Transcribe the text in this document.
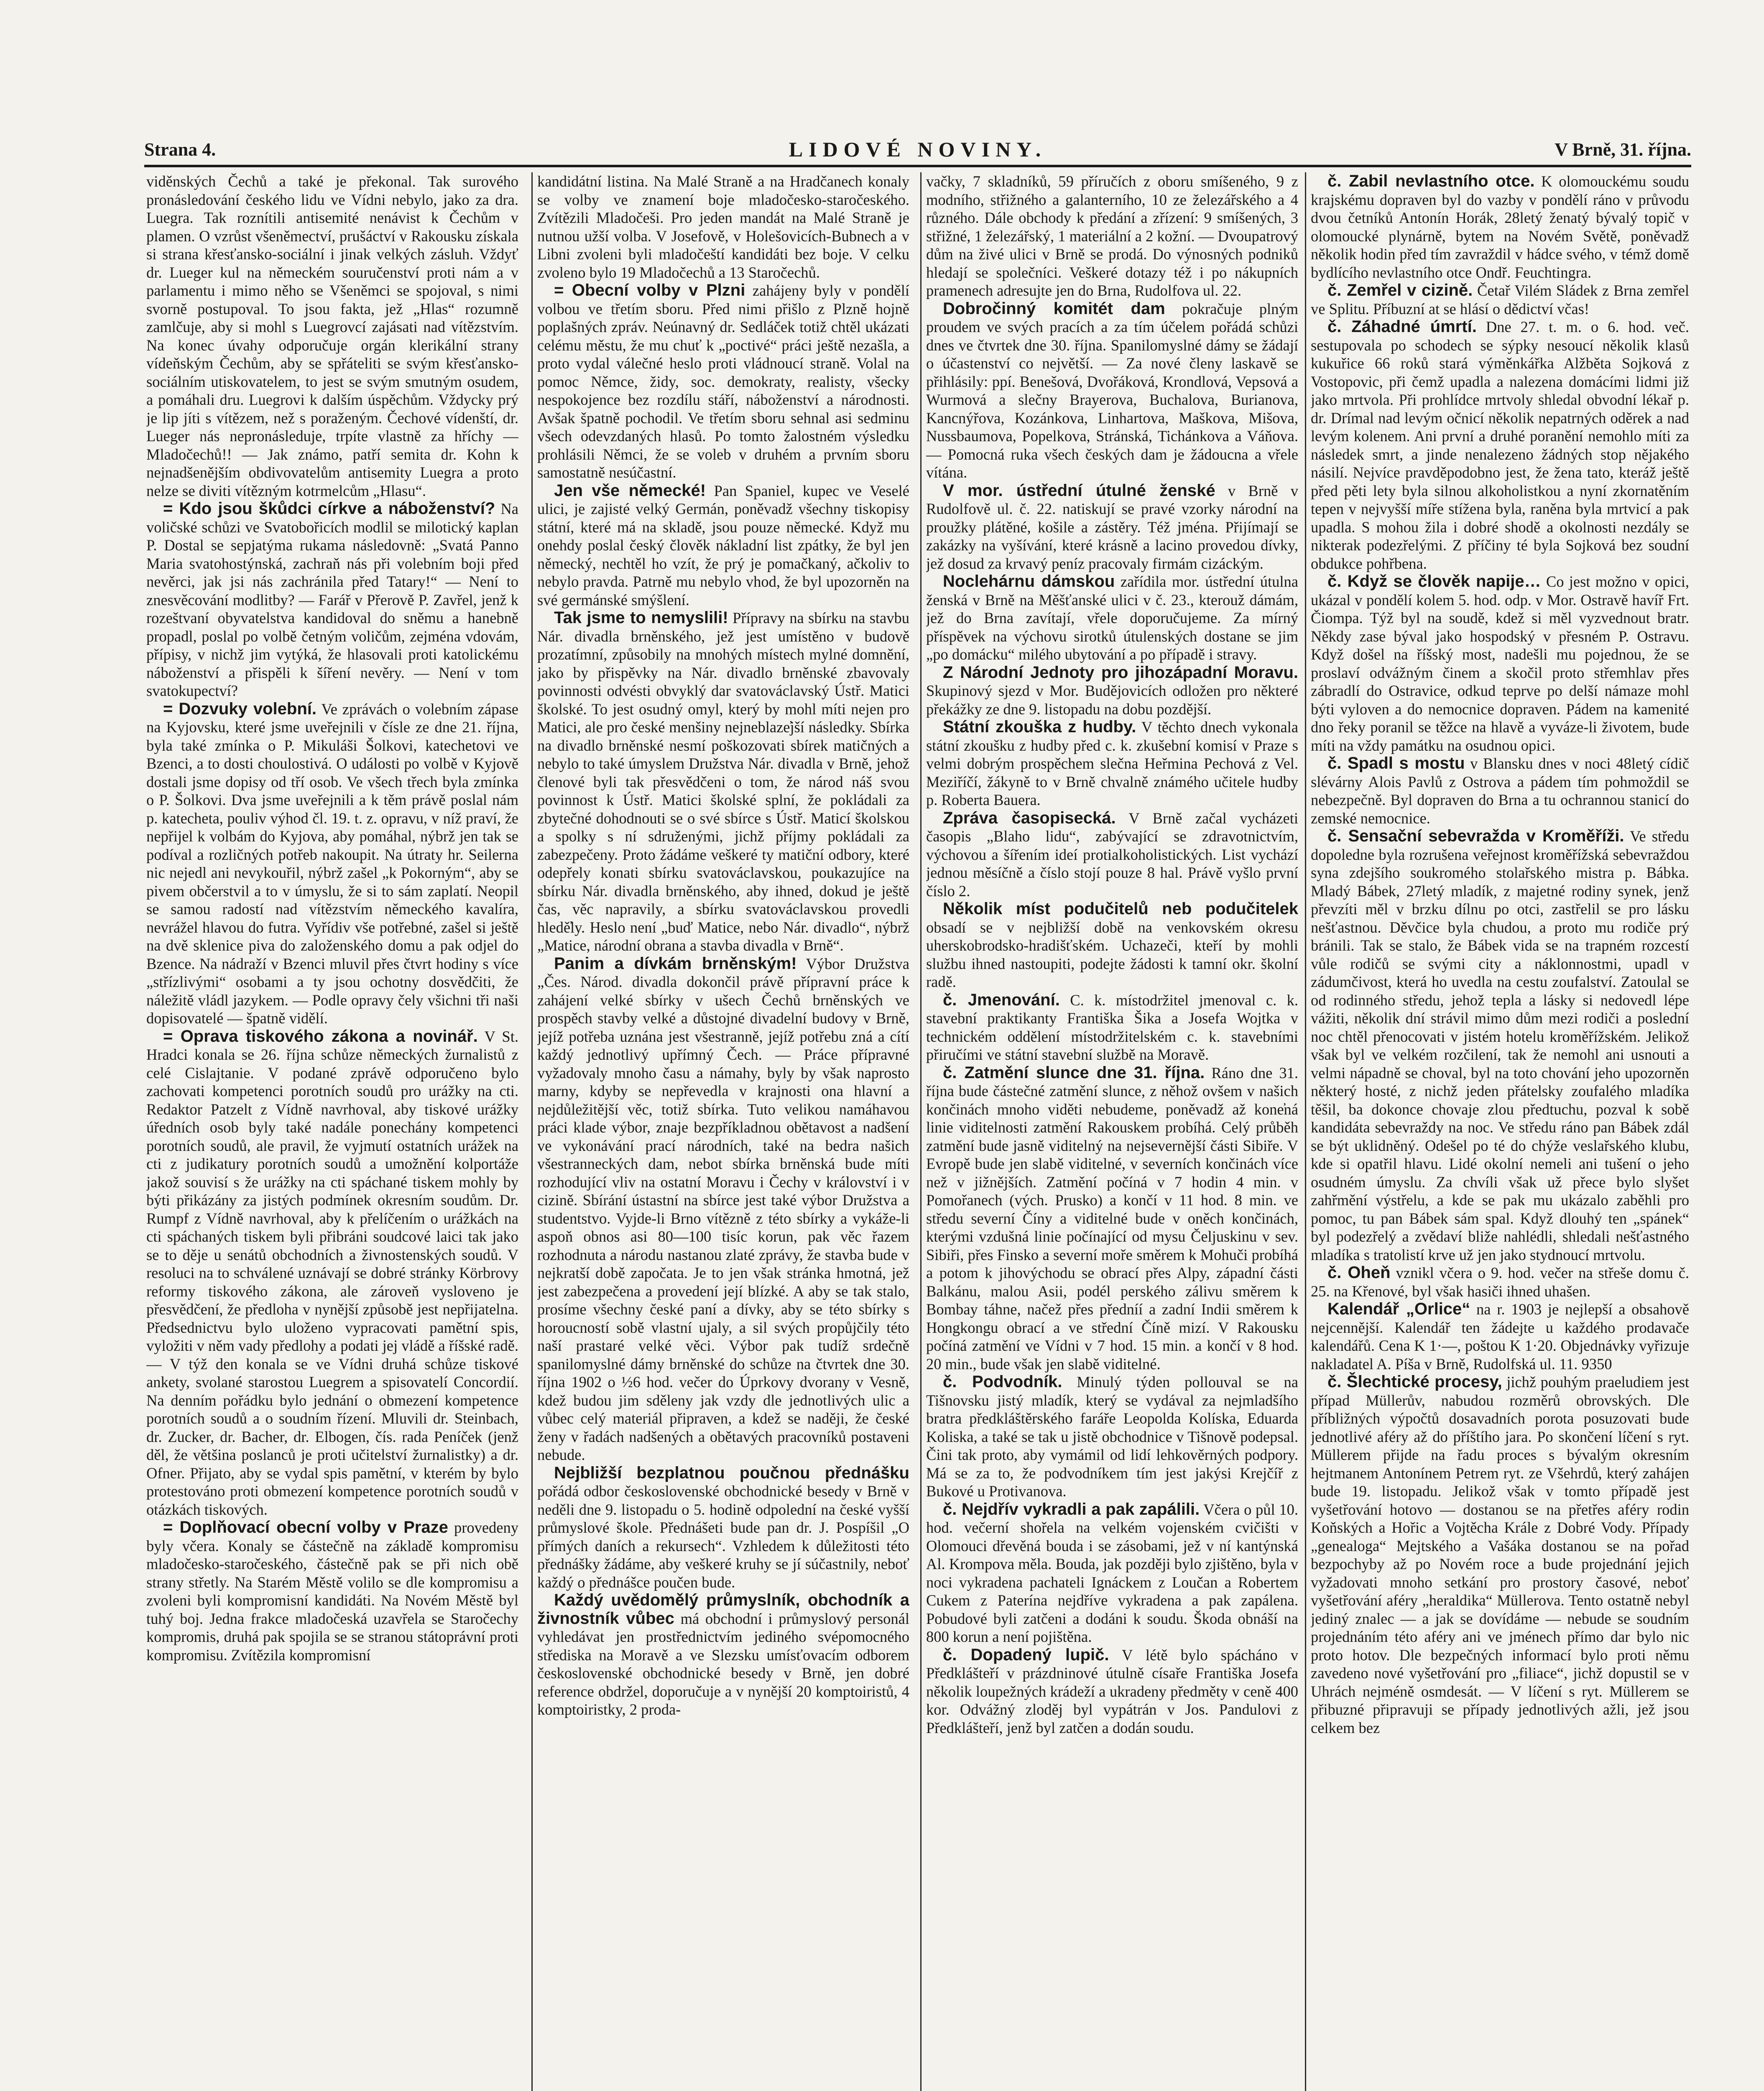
Strana 4.	LIDOVÉ NOVINY.	V Brně, 31. října.

viděnských Čechů a také je překonal. Tak surového pronásledování českého lidu ve Vídni nebylo, jako za dra. Luegra. Tak roznítili antisemité nenávist k Čechům v plamen. O vzrůst všeněmectví, prušáctví v Rakousku získala si strana křesťansko-sociální i jinak velkých zásluh. Vždyť dr. Lueger kul na německém souručenství proti nám a v parlamentu i mimo něho se Všeněmci se spojoval, s nimi svorně postupoval. To jsou fakta, jež „Hlas“ rozumně zamlčuje, aby si mohl s Luegrovcí zajásati nad vítězstvím. Na konec úvahy odporučuje orgán klerikální strany vídeňským Čechům, aby se spřáteliti se svým křesťansko-sociálním utiskovatelem, to jest se svým smutným osudem, a pomáhali dru. Luegrovi k dalším úspěchům. Vždycky prý je lip jíti s vítězem, než s poraženým. Čechové vídenští, dr. Lueger nás nepronásleduje, trpíte vlastně za hříchy — Mladočechů!! — Jak známo, patří semita dr. Kohn k nejnadšenějším obdivovatelům antisemity Luegra a proto nelze se diviti vítězným kotrmelcům „Hlasu“.

= Kdo jsou škůdci církve a náboženství? Na voličské schůzi ve Svatobořicích modlil se milotický kaplan P. Dostal se sepjatýma rukama následovně: „Svatá Panno Maria svatohostýnská, zachraň nás při volebním boji před nevěrci, jak jsi nás zachránila před Tatary!“ — Není to znesvěcování modlitby? — Farář v Přerově P. Zavřel, jenž k rozeštvaní obyvatelstva kandidoval do sněmu a hanebně propadl, poslal po volbě četným voličům, zejména vdovám, přípisy, v nichž jim vytýká, že hlasovali proti katolickému náboženství a přispěli k šíření nevěry. — Není v tom svatokupectví?

= Dozvuky volební. Ve zprávách o volebním zápase na Kyjovsku, které jsme uveřejnili v čísle ze dne 21. října, byla také zmínka o P. Mikuláši Šolkovi, katechetovi ve Bzenci, a to dosti choulostivá. O události po volbě v Kyjově dostali jsme dopisy od tří osob. Ve všech třech byla zmínka o P. Šolkovi. Dva jsme uveřejnili a k těm právě poslal nám p. katecheta, pouliv výhod čl. 19. t. z. opravu, v níž praví, že nepřijel k volbám do Kyjova, aby pomáhal, nýbrž jen tak se podíval a rozličných potřeb nakoupit. Na útraty hr. Seilerna nic nejedl ani nevykouřil, nýbrž zašel „k Pokorným“, aby se pivem občerstvil a to v úmyslu, že si to sám zaplatí. Neopil se samou radostí nad vítězstvím německého kavalíra, nevrážel hlavou do futra. Vyřídiv vše potřebné, zašel si ještě na dvě sklenice piva do založenského domu a pak odjel do Bzence. Na nádraží v Bzenci mluvil přes čtvrt hodiny s více „střízlivými“ osobami a ty jsou ochotny dosvědčiti, že náležitě vládl jazykem. — Podle opravy čely všichni tři naši dopisovatelé — špatně vidělí.

= Oprava tiskového zákona a novinář. V St. Hradci konala se 26. října schůze německých žurnalistů z celé Cislajtanie. V podané zprávě odporučeno bylo zachovati kompetenci porotních soudů pro urážky na cti. Redaktor Patzelt z Vídně navrhoval, aby tiskové urážky úředních osob byly také nadále ponechány kompetenci porotních soudů, ale pravil, že vyjmutí ostatních urážek na cti z judikatury porotních soudů a umožnění kolportáže jakož souvisí s že urážky na cti spáchané tiskem mohly by býti přikázány za jistých podmínek okresním soudům. Dr. Rumpf z Vídně navrhoval, aby k přelíčením o urážkách na cti spáchaných tiskem byli přibráni soudcové laici tak jako se to děje u senátů obchodních a živnostenských soudů. V resoluci na to schválené uznávají se dobré stránky Körbrovy reformy tiskového zákona, ale zároveň vysloveno je přesvědčení, že předloha v nynější způsobě jest nepřijatelna. Předsednictvu bylo uloženo vypracovati pamětní spis, vyložiti v něm vady předlohy a podati jej vládě a říšské radě. — V týž den konala se ve Vídni druhá schůze tiskové ankety, svolané starostou Luegrem a spisovatelí Concordií. Na denním pořádku bylo jednání o obmezení kompetence porotních soudů a o soudním řízení. Mluvili dr. Steinbach, dr. Zucker, dr. Bacher, dr. Elbogen, čís. rada Peníček (jenž děl, že většina poslanců je proti učitelství žurnalistky) a dr. Ofner. Přijato, aby se vydal spis pamětní, v kterém by bylo protestováno proti obmezení kompetence porotních soudů v otázkách tiskových.

= Doplňovací obecní volby v Praze provedeny byly včera. Konaly se částečně na základě kompromisu mladočesko-staročeského, částečně pak se při nich obě strany střetly. Na Starém Městě volilo se dle kompromisu a zvoleni byli kompromisní kandidáti. Na Novém Městě byl tuhý boj. Jedna frakce mladočeská uzavřela se Staročechy kompromis, druhá pak spojila se se stranou státoprávní proti kompromisu. Zvítězila kompromisní

kandidátní listina. Na Malé Straně a na Hradčanech konaly se volby ve znamení boje mladočesko-staročeského. Zvítězili Mladočeši. Pro jeden mandát na Malé Straně je nutnou užší volba. V Josefově, v Holešovicích-Bubnech a v Libni zvoleni byli mladočeští kandidáti bez boje. V celku zvoleno bylo 19 Mladočechů a 13 Staročechů.

= Obecní volby v Plzni zahájeny byly v pondělí volbou ve třetím sboru. Před nimi přišlo z Plzně hojně poplašných zpráv. Neúnavný dr. Sedláček totiž chtěl ukázati celému městu, že mu chuť k „poctivé“ práci ještě nezašla, a proto vydal válečné heslo proti vládnoucí straně. Volal na pomoc Němce, židy, soc. demokraty, realisty, všecky nespokojence bez rozdílu stáří, náboženství a národnosti. Avšak špatně pochodil. Ve třetím sboru sehnal asi sedminu všech odevzdaných hlasů. Po tomto žalostném výsledku prohlásili Němci, že se voleb v druhém a prvním sboru samostatně nesúčastní.

Jen vše německé! Pan Spaniel, kupec ve Veselé ulici, je zajisté velký Germán, poněvadž všechny tiskopisy státní, které má na skladě, jsou pouze německé. Když mu onehdy poslal český člověk nákladní list zpátky, že byl jen německý, nechtěl ho vzít, že prý je pomačkaný, ačkoliv to nebylo pravda. Patrně mu nebylo vhod, že byl upozorněn na své germánské smýšlení.

Tak jsme to nemyslili! Přípravy na sbírku na stavbu Nár. divadla brněnského, jež jest umístěno v budově prozatímní, způsobily na mnohých místech mylné domnění, jako by přispěvky na Nár. divadlo brněnské zbavovaly povinnosti odvésti obvyklý dar svatováclavský Ústř. Matici školské. To jest osudný omyl, který by mohl míti nejen pro Matici, ale pro české menšiny nejneblaze̕jší následky. Sbírka na divadlo brněnské nesmí poškozovati sbírek matičných a nebylo to také úmyslem Družstva Nár. divadla v Brně, jehož členové byli tak přesvědčeni o tom, že národ náš svou povinnost k Ústř. Matici školské splní, že pokládali za zbytečné dohodnouti se o své sbírce s Ústř. Maticí školskou a spolky s ní sdruženými, jichž příjmy pokládali za zabezpečeny. Proto žádáme veškeré ty matiční odbory, které odepřely konati sbírku svatováclavskou, poukazujíce na sbírku Nár. divadla brněnského, aby ihned, dokud je ještě čas, věc napravily, a sbírku svatováclavskou provedli hledě̕ly. Heslo není „buď Matice, nebo Nár. divadlo“, nýbrž „Matice, národní obrana a stavba divadla v Brně“.

Panim a dívkám brněnským! Výbor Družstva „Čes. Národ. divadla dokončil právě přípravní práce k zahájení velké sbírky v ušech Čechů brněnských ve prospěch stavby velké a důstojné divadelní budovy v Brně, jejíž potřeba uznána jest všestranně, jejíž potřebu zná a cítí každý jednotlivý upřímný Čech. — Práce přípravné vyžadovaly mnoho času a námahy, byly by však naprosto marny, kdyby se nepřevedla v krajnosti ona hlavní a nejdůležitější věc, totiž sbírka. Tuto velikou namáhavou práci klade výbor, znaje bezpříkladnou obětavost a nadšení ve vykonávání prací národních, také na bedra našich všestranneckých dam, nebot sbírka brněnská bude míti rozhodující vliv na ostatní Moravu i Čechy v království i v cizině. Sbírání ústastní na sbírce jest také výbor Družstva a studentstvo. Vyjde-li Brno vítězně z této sbírky a vykáže-li aspoň obnos asi 80—100 tisíc korun, pak věc řazem rozhodnuta a národu nastanou zlaté zprávy, že stavba bude v nejkratší době započata. Je to jen však stránka hmotná, jež jest zabezpečena a provedení její blízké. A aby se tak stalo, prosíme všechny české paní a dívky, aby se této sbírky s horoucností sobě vlastní ujaly, a sil svých propůjčily této naší prastaré velké věci. Výbor pak tudíž srdečně spanilomyslné dámy brněnské do schůze na čtvrtek dne 30. října 1902 o ½6 hod. večer do Úprkovy dvorany v Vesně, kdež budou jim sděleny jak vzdy dle jednotlivých ulic a vůbec celý materiál připraven, a kdež se naději, že české ženy v řadách nadšených a obětavých pracovníků postaveni nebude.

Nejbližší bezplatnou poučnou přednášku pořádá odbor československé obchodnické besedy v Brně v neděli dne 9. listopadu o 5. hodině odpolední na české vyšší průmyslové škole. Přednášeti bude pan dr. J. Pospíšil „O přímých daních a rekursech“. Vzhledem k důležitosti této přednášky žádáme, aby veškeré kruhy se jí súčastnily, neboť každý o přednášce poučen bude.

Každý uvědomělý průmyslník, obchodník a živnostník vůbec má obchodní i průmyslový personál vyhledávat jen prostřednictvím jediného svépomocného střediska na Moravě a ve Slezsku umísťovacím odborem československé obchodnické besedy v Brně, jen dobré reference obdržel, doporučuje a v nynější 20 komptoiristů, 4 komptoiristky, 2 proda-

vačky, 7 skladníků, 59 příručích z oboru smíšeného, 9 z modního, střižného a galanterního, 10 ze železářského a 4 různého. Dále obchody k předání a zřízení: 9 smíšených, 3 střižné, 1 železářský, 1 materiální a 2 kožní. — Dvoupatrový dům na živé ulici v Brně se prodá. Do výnosných podniků hledají se společníci. Veškeré dotazy též i po nákupních pramenech adresujte jen do Brna, Rudolfova ul. 22.

Dobročinný komitét dam pokračuje plným proudem ve svých pracích a za tím účelem pořádá schůzi dnes ve čtvrtek dne 30. října. Spanilomyslné dámy se žádají o účastenství co největší. — Za nové členy laskavě se přihlásily: ppí. Benešová, Dvořáková, Krondlová, Vepsová a Wurmová a slečny Brayerova, Buchalova, Burianova, Kancnýřova, Kozánkova, Linhartova, Maškova, Mišova, Nussbaumova, Popelkova, Stránská, Tichánkova a Váňova. — Pomocná ruka všech českých dam je žádoucna a vřele vítána.

V mor. ústřední útulné ženské v Brně v Rudolfově ul. č. 22. natiskují se pravé vzorky národní na proužky plátěné, košile a zástěry. Též jména. Přijímají se zakázky na vyšívání, které krásně a lacino provedou dívky, jež dosud za krvavý peníz pracovaly firmám cizáckým.

Noclehárnu dámskou zařídila mor. ústřední útulna ženská v Brně na Měšťanské ulici v č. 23., kterouž dámám, jež do Brna zavítají, vřele doporučujeme. Za mírný příspěvek na výchovu sirotků útulenských dostane se jim „po domácku“ milého ubytování a po případě i stravy.

Z Národní Jednoty pro jihozápadní Moravu. Skupinový sjezd v Mor. Budějovicích odložen pro některé překážky ze dne 9. listopadu na dobu pozdější.

Státní zkouška z hudby. V těchto dnech vykonala státní zkoušku z hudby před c. k. zkušební komisí v Praze s velmi dobrým prospěchem slečna Heřmina Pechová z Vel. Meziříčí, žákyně to v Brně chvalně známého učitele hudby p. Roberta Bauera.

Zpráva časopisecká. V Brně začal vycházeti časopis „Blaho lidu“, zabývající se zdravotnictvím, výchovou a šířením ideí protialkoholistických. List vychází jednou měsíčně a číslo stojí pouze 8 hal. Právě vyšlo první číslo 2.

Několik míst podučitelů neb podučitelek obsadí se v nejbližší době na venkovském okresu uherskobrodsko-hradišťském. Uchazeči, kteří by mohli službu ihned nastoupiti, podejte žádosti k tamní okr. školní radě.

č. Jmenování. C. k. místodržitel jmenoval c. k. stavební praktikanty Františka Šika a Josefa Wojtka v technickém oddělení místodržitelském c. k. stavebními přiručími ve státní stavební službě na Moravě.

č. Zatmění slunce dne 31. října. Ráno dne 31. října bude částečné zatmění slunce, z něhož ovšem v našich končinách mnoho viděti nebudeme, poněvadž až kone̕ná linie viditelnosti zatmění Rakouskem probíhá. Celý průběh zatmění bude jasně viditelný na nejsevernější části Sibiře. V Evropě bude jen slabě viditelné, v severních končinách více než v jižnějších. Zatmění počíná v 7 hodin 4 min. v Pomořanech (vých. Prusko) a končí v 11 hod. 8 min. ve středu severní Číny a viditelné bude v oněch končinách, kterými vzdušná linie počínající od mysu Čeljuskinu v sev. Sibiři, přes Finsko a severní moře směrem k Mohuči probíhá a potom k jihovýchodu se obrací přes Alpy, západní části Balkánu, malou Asii, podél perského zálivu směrem k Bombay táhne, načež přes předníí a zadní Indii směrem k Hongkongu obrací a ve střední Číně mizí. V Rakousku počíná zatmění ve Vídni v 7 hod. 15 min. a končí v 8 hod. 20 min., bude však jen slabě viditelné.

č. Podvodník. Minulý týden pollouval se na Tišnovsku jistý mladík, který se vydával za nejmladšího bratra předkláštěrského faráře Leopolda Kolíska, Eduarda Koliska, a také se tak u jistě obchodnice v Tišnově podepsal. Čini tak proto, aby vymámil od lidí lehkověrných podpory. Má se za to, že podvodníkem tím jest jakýsi Krejčíř z Bukové u Protivanova.

č. Nejdřív vykradli a pak zapálili. Včera o půl 10. hod. večerní shořela na velkém vojenském cvičišti v Olomouci dřevěná bouda i se zásobami, jež v ní kantýnská Al. Krompova měla. Bouda, jak později bylo zjištěno, byla v noci vykradena pachateli Ignáckem z Loučan a Robertem Cukem z Paterína nejdříve vykradena a pak zapálena. Pobudové byli zatčeni a dodáni k soudu. Škoda obnáší na 800 korun a není pojištěna.

č. Dopadený lupič. V létě bylo spácháno v Předklášteří v prázdninové útulně císaře Františka Josefa několik loupežných krádeží a ukradeny předměty v ceně 400 kor. Odvážný zloděj byl vypátrán v Jos. Pandulovi z Předklášteří, jenž byl zatčen a dodán soudu.

č. Zabil nevlastního otce. K olomouckému soudu krajskému dopraven byl do vazby v pondělí ráno v průvodu dvou četníků Antonín Horák, 28letý ženatý bývalý topič v olomoucké plynárně, bytem na Novém Světě, poněvadž několik hodin před tím zavraždil v hádce svého, v témž domě bydlícího nevlastního otce Ondř. Feuchtingra.

č. Zemřel v cizině. Četař Vilém Sládek z Brna zemřel ve Splitu. Příbuzní at se hlásí o dědictví včas!

č. Záhadné úmrtí. Dne 27. t. m. o 6. hod. več. sestupovala po schodech se sýpky nesoucí několik klasů kukuřice 66 roků stará výměnkářka Alžběta Sojková z Vostopovic, při čemž upadla a nalezena domácími lidmi již jako mrtvola. Při prohlídce mrtvoly shledal obvodní lékař p. dr. Drímal nad levým očnicí několik nepatrných oděrek a nad levým kolenem. Ani první a druhé poranění nemohlo míti za následek smrt, a jinde nenalezeno žádných stop nějakého násilí. Nejvíce pravděpodobno jest, že žena tato, kteráž ještě před pěti lety byla silnou alkoholistkou a nyní zkornatěním tepen v nejvyšší míře stížena byla, raněna byla mrtvicí a pak upadla. S mohou žila i dobré shodě a okolnosti nezdály se nikterak podezřelými. Z příčiny té byla Sojková bez soudní obdukce pohřbena.

č. Když se člověk napije… Co jest možno v opici, ukázal v pondělí kolem 5. hod. odp. v Mor. Ostravě havíř Frt. Čiompa. Týž byl na soudě, kdež si měl vyzvednout bratr. Někdy zase býval jako hospodský v přesném P. Ostravu. Když došel na říšský most, nadešli mu pojednou, že se proslaví odvážným činem a skočil proto střemhlav přes zábradlí do Ostravice, odkud teprve po delší námaze mohl býti vyloven a do nemocnice dopraven. Pádem na kamenité dno řeky poranil se těžce na hlavě a vyváze-li životem, bude míti na vždy památku na osudnou opici.

č. Spadl s mostu v Blansku dnes v noci 48letý cídič slévárny Alois Pavlů z Ostrova a pádem tím pohmoždil se nebezpečně. Byl dopraven do Brna a tu ochrannou stanicí do zemské nemocnice.

č. Sensační sebevražda v Kroměříži. Ve středu dopoledne byla rozrušena veřejnost kroměřížská sebevraždou syna zdejšího soukromého stolařského mistra p. Bábka. Mladý Bábek, 27letý mladík, z majetné rodiny synek, jenž převzíti měl v brzku dílnu po otci, zastřelil se pro lásku nešťastnou. Děvčice byla chudou, a proto mu rodiče prý bránili. Tak se stalo, že Bábek vida se na trapném rozcestí vůle rodičů se svými city a náklonnostmi, upadl v zádumčivost, která ho uvedla na cestu zoufalství. Zatoulal se od rodinného středu, jehož tepla a lásky si nedovedl lépe vážiti, několik dní strávil mimo dům mezi rodiči a poslední noc chtěl přenocovati v jistém hotelu kroměřížském. Jelikož však byl ve velkém rozčilení, tak že nemohl ani usnouti a velmi nápadně se choval, byl na toto chování jeho upozorněn některý hosté, z nichž jeden přátelsky zoufalého mladíka těšil, ba dokonce chovaje zlou předtuchu, pozval k sobě kandidáta sebevraždy na noc. Ve středu ráno pan Bábek zdál se být uklidněný. Odešel po té do chýže veslařského klubu, kde si opatřil hlavu. Lidé okolní nemeli ani tušení o jeho osudném úmyslu. Za chvíli však už přece bylo slyšet zahřmění výstřelu, a kde se pak mu ukázalo zaběhli pro pomoc, tu pan Bábek sám spal. Když dlouhý ten „spánek“ byl podezřelý a zvědaví bliže nahlédli, shledali nešťastného mladíka s tratolistí krve už jen jako stydnoucí mrtvolu.

č. Oheň vznikl včera o 9. hod. večer na střeše domu č. 25. na Křenové, byl však hasiči ihned uhašen.

Kalendář „Orlice“ na r. 1903 je nejlepší a obsahově nejcennější. Kalendář ten žádejte u každého prodavače kalendářů. Cena K 1·—, poštou K 1·20. Objednávky vyřizuje nakladatel A. Píša v Brně, Rudolfská ul. 11. 9350

č. Šlechtické procesy, jichž pouhým praeludiem jest případ Müllerův, nabudou rozměrů obrovských. Dle příbližných výpočtů dosavadních porota posuzovati bude jednotlivé aféry až do příštího jara. Po skončení líčení s ryt. Müllerem přijde na řadu proces s bývalým okresním hejtmanem Antonínem Petrem ryt. ze Všehrdů, který zahájen bude 19. listopadu. Jelikož však v tomto případě jest vyšetřování hotovo — dostanou se na přetřes aféry rodin Koňských a Hořic a Vojtěcha Krále z Dobré Vody. Případy „genealoga“ Mejtského a Vašáka dostanou se na pořad bezpochyby až po Novém roce a bude projednání jejich vyžadovati mnoho setkání pro prostory časové, neboť vyšetřování aféry „heraldika“ Müllerova. Tento ostatně nebyl jediný znalec — a jak se dovídáme — nebude se soudním projednáním této aféry ani ve jménech přímo dar bylo nic proto hotov. Dle bezpečných informací bylo proti němu zavedeno nové vyšetřování pro „filiace“, jichž dopustil se v Uhrách nejméně osmdesát. — V líčení s ryt. Müllerem se přibuzné připravuji se případy jednotlivých ažli, jež jsou celkem bez
